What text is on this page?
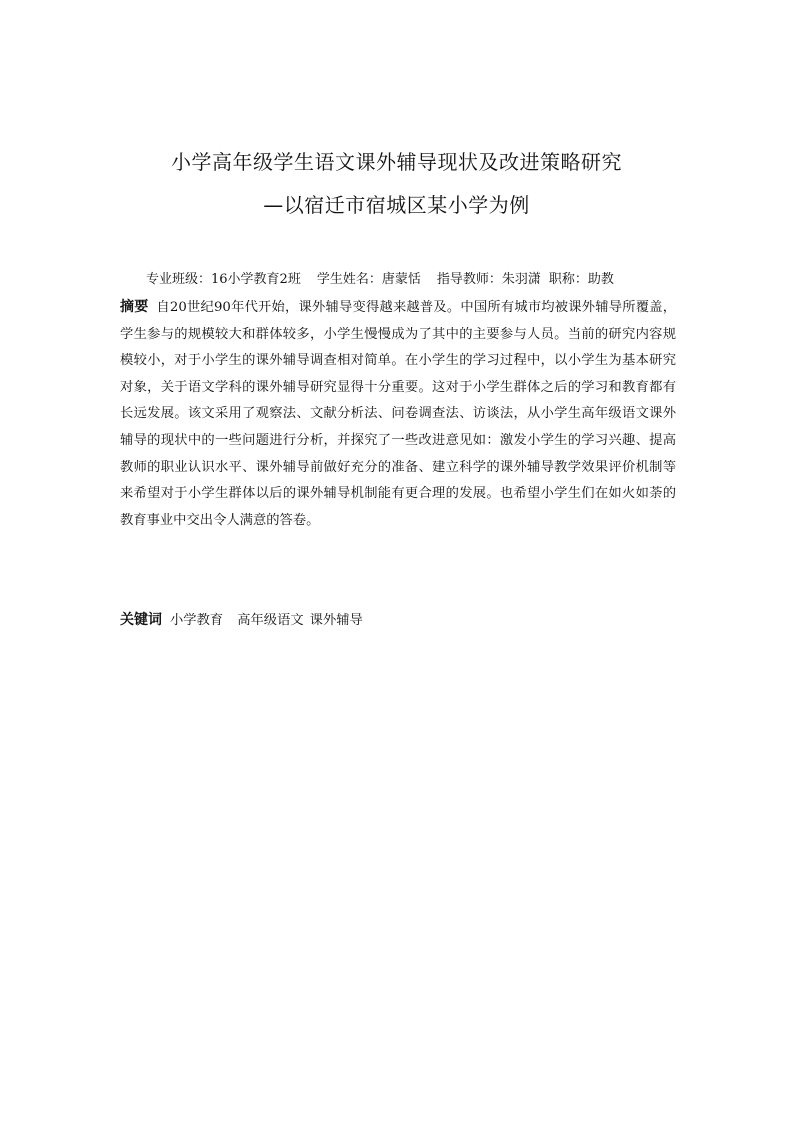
小学高年级学生语文课外辅导现状及改进策略研究
—以宿迁市宿城区某小学为例
专业班级：16小学教育2班 学生姓名：唐蒙恬 指导教师：朱羽潇 职称：助教
摘要 自20世纪90年代开始，课外辅导变得越来越普及。中国所有城市均被课外辅导所覆盖，学生参与的规模较大和群体较多，小学生慢慢成为了其中的主要参与人员。当前的研究内容规模较小，对于小学生的课外辅导调查相对简单。在小学生的学习过程中，以小学生为基本研究对象，关于语文学科的课外辅导研究显得十分重要。这对于小学生群体之后的学习和教育都有长远发展。该文采用了观察法、文献分析法、问卷调查法、访谈法，从小学生高年级语文课外辅导的现状中的一些问题进行分析，并探究了一些改进意见如：激发小学生的学习兴趣、提高教师的职业认识水平、课外辅导前做好充分的准备、建立科学的课外辅导教学效果评价机制等来希望对于小学生群体以后的课外辅导机制能有更合理的发展。也希望小学生们在如火如荼的教育事业中交出令人满意的答卷。
关键词 小学教育 高年级语文 课外辅导
